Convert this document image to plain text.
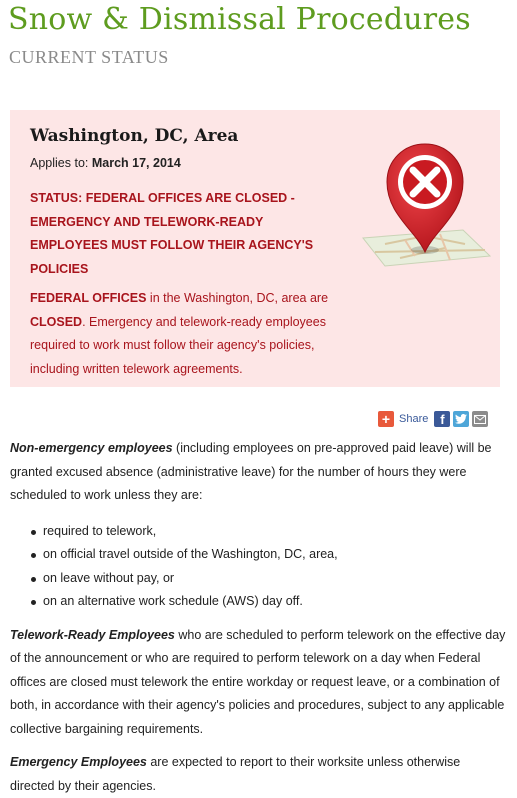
Snow & Dismissal Procedures
CURRENT STATUS
Washington, DC, Area
Applies to: March 17, 2014
STATUS: FEDERAL OFFICES ARE CLOSED -
EMERGENCY AND TELEWORK-READY
EMPLOYEES MUST FOLLOW THEIR AGENCY'S
POLICIES
FEDERAL OFFICES in the Washington, DC, area are CLOSED. Emergency and telework-ready employees required to work must follow their agency's policies, including written telework agreements.
+ Share f

Non-emergency employees (including employees on pre-approved paid leave) will be granted excused absence (administrative leave) for the number of hours they were scheduled to work unless they are:

required to telework,
on official travel outside of the Washington, DC, area,
on leave without pay, or
on an alternative work schedule (AWS) day off.

Telework-Ready Employees who are scheduled to perform telework on the effective day of the announcement or who are required to perform telework on a day when Federal offices are closed must telework the entire workday or request leave, or a combination of both, in accordance with their agency's policies and procedures, subject to any applicable collective bargaining requirements.

Emergency Employees are expected to report to their worksite unless otherwise directed by their agencies.
